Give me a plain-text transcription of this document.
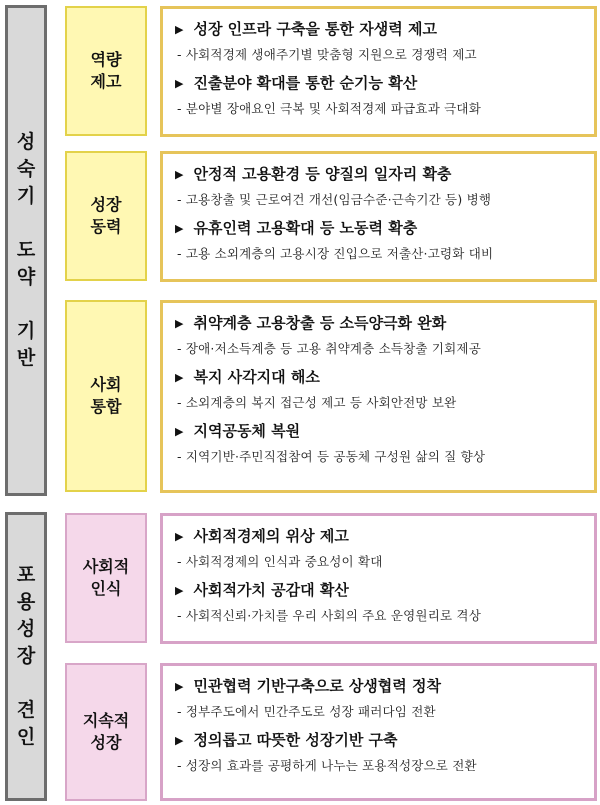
성
숙
기

도
약

기
반
역량
제고
▶ 성장 인프라 구축을 통한 자생력 제고
- 사회적경제 생애주기별 맞춤형 지원으로 경쟁력 제고
▶ 진출분야 확대를 통한 순기능 확산
- 분야별 장애요인 극복 및 사회적경제 파급효과 극대화
성장
동력
▶ 안정적 고용환경 등 양질의 일자리 확충
- 고용창출 및 근로여건 개선(임금수준·근속기간 등) 병행
▶ 유휴인력 고용확대 등 노동력 확충
- 고용 소외계층의 고용시장 진입으로 저출산·고령화 대비
사회
통합
▶ 취약계층 고용창출 등 소득양극화 완화
- 장애·저소득계층 등 고용 취약계층 소득창출 기회제공
▶ 복지 사각지대 해소
- 소외계층의 복지 접근성 제고 등 사회안전망 보완
▶ 지역공동체 복원
- 지역기반·주민직접참여 등 공동체 구성원 삶의 질 향상
포
용
성
장

견
인
사회적
인식
▶ 사회적경제의 위상 제고
- 사회적경제의 인식과 중요성이 확대
▶ 사회적가치 공감대 확산
- 사회적신뢰·가치를 우리 사회의 주요 운영원리로 격상
지속적
성장
▶ 민관협력 기반구축으로 상생협력 정착
- 정부주도에서 민간주도로 성장 패러다임 전환
▶ 정의롭고 따뜻한 성장기반 구축
- 성장의 효과를 공평하게 나누는 포용적성장으로 전환
